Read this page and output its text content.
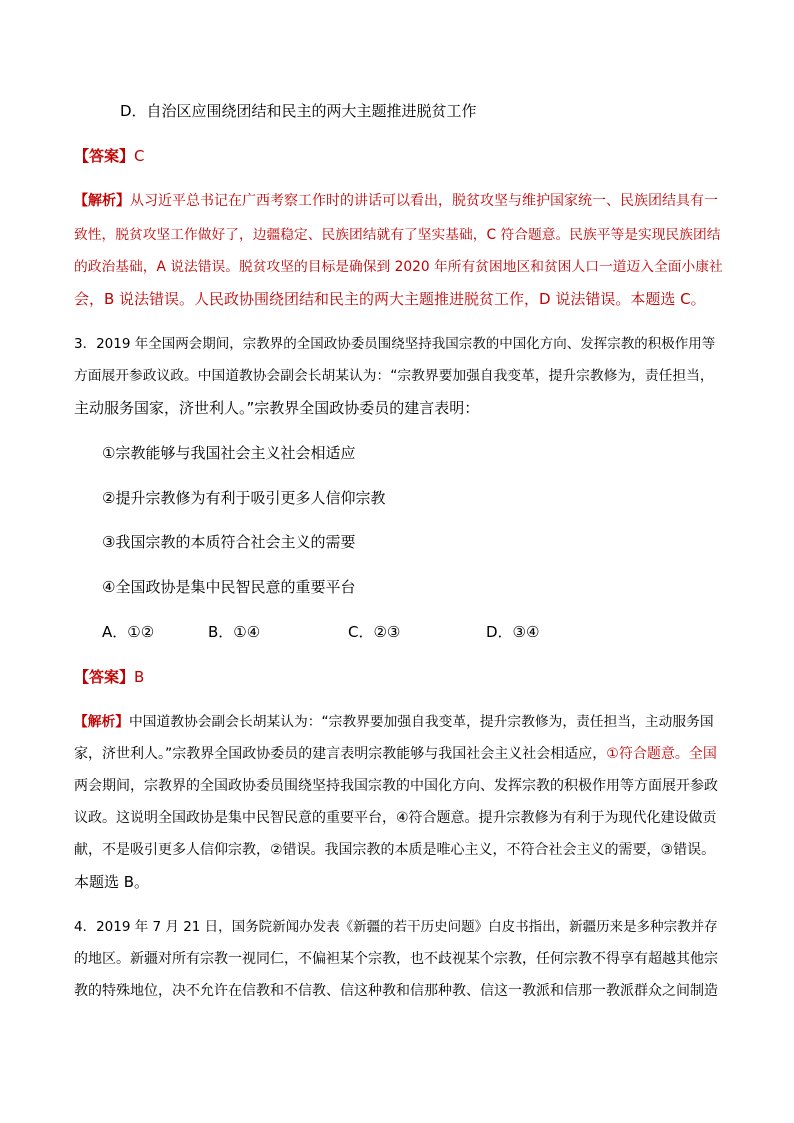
D．自治区应围绕团结和民主的两大主题推进脱贫工作
【答案】C
【解析】从习近平总书记在广西考察工作时的讲话可以看出，脱贫攻坚与维护国家统一、民族团结具有一
致性，脱贫攻坚工作做好了，边疆稳定、民族团结就有了坚实基础，C 符合题意。民族平等是实现民族团结
的政治基础，A 说法错误。脱贫攻坚的目标是确保到 2020 年所有贫困地区和贫困人口一道迈入全面小康社
会，B 说法错误。人民政协围绕团结和民主的两大主题推进脱贫工作，D 说法错误。本题选 C。
3．2019 年全国两会期间，宗教界的全国政协委员围绕坚持我国宗教的中国化方向、发挥宗教的积极作用等
方面展开参政议政。中国道教协会副会长胡某认为：“宗教界要加强自我变革，提升宗教修为，责任担当，
主动服务国家，济世利人。”宗教界全国政协委员的建言表明：
①宗教能够与我国社会主义社会相适应
②提升宗教修为有利于吸引更多人信仰宗教
③我国宗教的本质符合社会主义的需要
④全国政协是集中民智民意的重要平台
A．①②	B．①④	C．②③	D．③④
【答案】B
【解析】中国道教协会副会长胡某认为：“宗教界要加强自我变革，提升宗教修为，责任担当，主动服务国
家，济世利人。”宗教界全国政协委员的建言表明宗教能够与我国社会主义社会相适应，①符合题意。全国
两会期间，宗教界的全国政协委员围绕坚持我国宗教的中国化方向、发挥宗教的积极作用等方面展开参政
议政。这说明全国政协是集中民智民意的重要平台，④符合题意。提升宗教修为有利于为现代化建设做贡
献，不是吸引更多人信仰宗教，②错误。我国宗教的本质是唯心主义，不符合社会主义的需要，③错误。
本题选 B。
4．2019 年 7 月 21 日，国务院新闻办发表《新疆的若干历史问题》白皮书指出，新疆历来是多种宗教并存
的地区。新疆对所有宗教一视同仁，不偏袒某个宗教，也不歧视某个宗教，任何宗教不得享有超越其他宗
教的特殊地位，决不允许在信教和不信教、信这种教和信那种教、信这一教派和信那一教派群众之间制造
